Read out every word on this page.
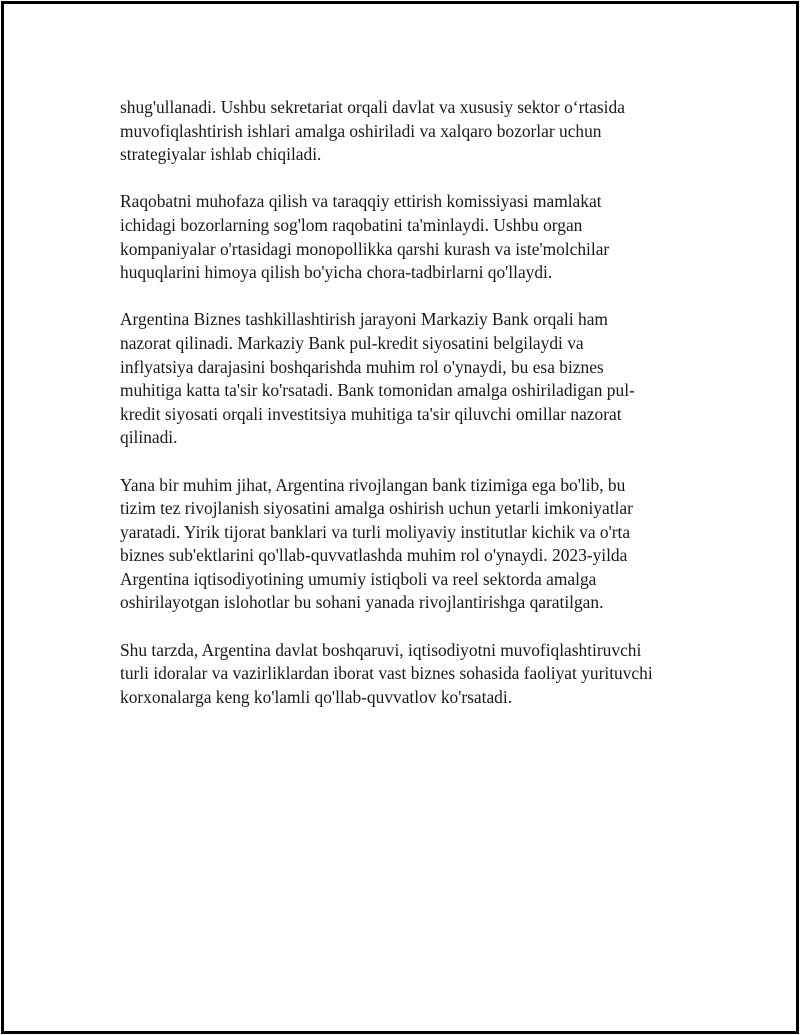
shug'ullanadi. Ushbu sekretariat orqali davlat va xususiy sektor o‘rtasida
muvofiqlashtirish ishlari amalga oshiriladi va xalqaro bozorlar uchun
strategiyalar ishlab chiqiladi.

Raqobatni muhofaza qilish va taraqqiy ettirish komissiyasi mamlakat
ichidagi bozorlarning sog'lom raqobatini ta'minlaydi. Ushbu organ
kompaniyalar o'rtasidagi monopollikka qarshi kurash va iste'molchilar
huquqlarini himoya qilish bo'yicha chora-tadbirlarni qo'llaydi.

Argentina Biznes tashkillashtirish jarayoni Markaziy Bank orqali ham
nazorat qilinadi. Markaziy Bank pul-kredit siyosatini belgilaydi va
inflyatsiya darajasini boshqarishda muhim rol o'ynaydi, bu esa biznes
muhitiga katta ta'sir ko'rsatadi. Bank tomonidan amalga oshiriladigan pul-
kredit siyosati orqali investitsiya muhitiga ta'sir qiluvchi omillar nazorat
qilinadi.

Yana bir muhim jihat, Argentina rivojlangan bank tizimiga ega bo'lib, bu
tizim tez rivojlanish siyosatini amalga oshirish uchun yetarli imkoniyatlar
yaratadi. Yirik tijorat banklari va turli moliyaviy institutlar kichik va o'rta
biznes sub'ektlarini qo'llab-quvvatlashda muhim rol o'ynaydi. 2023-yilda
Argentina iqtisodiyotining umumiy istiqboli va reel sektorda amalga
oshirilayotgan islohotlar bu sohani yanada rivojlantirishga qaratilgan.

Shu tarzda, Argentina davlat boshqaruvi, iqtisodiyotni muvofiqlashtiruvchi
turli idoralar va vazirliklardan iborat vast biznes sohasida faoliyat yurituvchi
korxonalarga keng ko'lamli qo'llab-quvvatlov ko'rsatadi.
